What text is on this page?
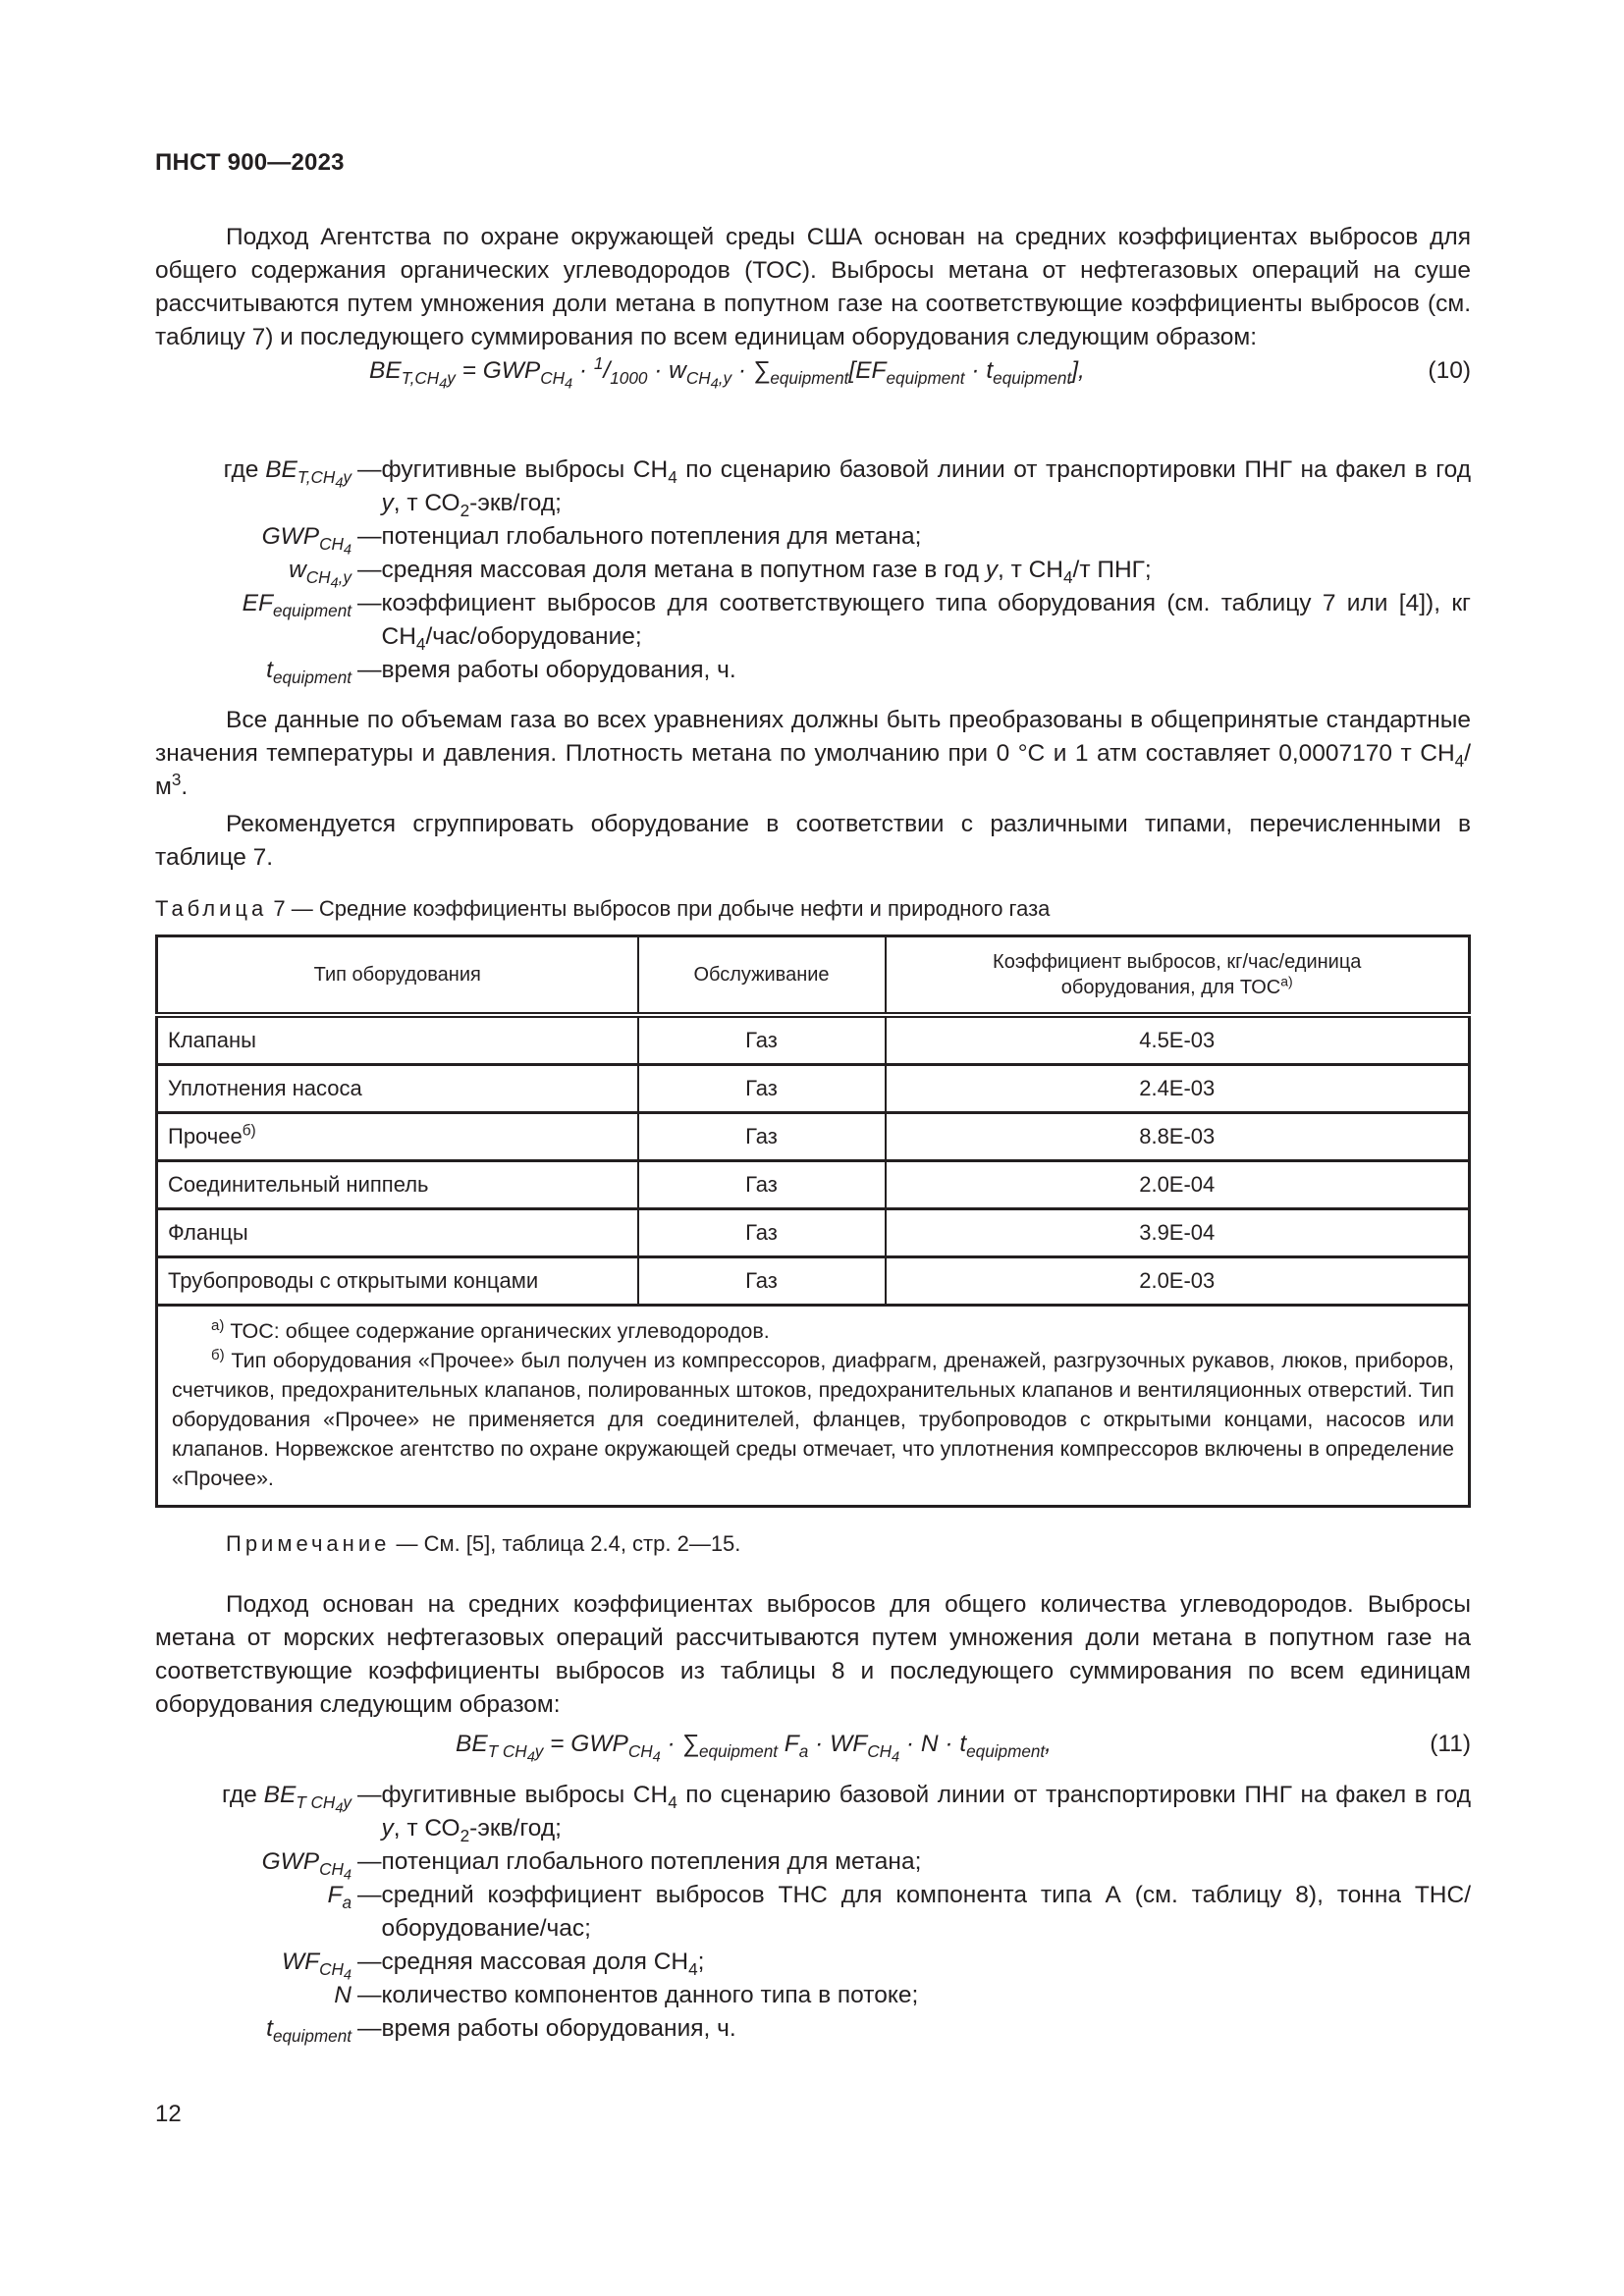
ПНСТ 900—2023

Подход Агентства по охране окружающей среды США основан на средних коэффициентах выбросов для общего содержания органических углеводородов (ТОС). Выбросы метана от нефтегазовых операций на суше рассчитываются путем умножения доли метана в попутном газе на соответствующие коэффициенты выбросов (см. таблицу 7) и последующего суммирования по всем единицам оборудования следующим образом:

$BE_{T,CH_4y} = GWP_{CH_4} \cdot ^1/_{1000} \cdot w_{CH_4,y} \cdot \sum_{equipment}[EF_{equipment} \cdot t_{equipment}]$,	(10)
где $BE_{T,CH_4y}$	—	фугитивные выбросы $СН_4$ по сценарию базовой линии от транспортировки ПНГ на факел в год y, т $СО_2-экв$/год;
$GWP_{CH_4}$	—	потенциал глобального потепления для метана;
$w_{CH_4,y}$	—	средняя массовая доля метана в попутном газе в год y, т $СН_4/т$ ПНГ;
$EF_{equipment}$	—	коэффициент выбросов для соответствующего типа оборудования (см. таблицу 7 или [4]), кг $СН_4/час$/оборудование;
$t_{equipment}$	—	время работы оборудования, ч.

Все данные по объемам газа во всех уравнениях должны быть преобразованы в общепринятые стандартные значения температуры и давления. Плотность метана по умолчанию при 0 °С и 1 атм составляет 0,0007170 т $СН_4/м^3$.

Рекомендуется сгруппировать оборудование в соответствии с различными типами, перечисленными в таблице 7.

Таблица 7 — Средние коэффициенты выбросов при добыче нефти и природного газа
Тип оборудования	Обслуживание	Коэффициент выбросов, кг/час/единица
оборудования, для $ТОС^{а)}$
Клапаны	Газ	4.5E-03
Уплотнения насоса	Газ	2.4E-03
Прочее$^{б)}$	Газ	8.8E-03
Соединительный ниппель	Газ	2.0E-04
Фланцы	Газ	3.9E-04
Трубопроводы с открытыми концами	Газ	2.0E-03

$^{а)}$ ТОС: общее содержание органических углеводородов.

$^{б)}$ Тип оборудования «Прочее» был получен из компрессоров, диафрагм, дренажей, разгрузочных рукавов, люков, приборов, счетчиков, предохранительных клапанов, полированных штоков, предохранительных клапанов и вентиляционных отверстий. Тип оборудования «Прочее» не применяется для соединителей, фланцев, трубопроводов с открытыми концами, насосов или клапанов. Норвежское агентство по охране окружающей среды отмечает, что уплотнения компрессоров включены в определение «Прочее».		

Примечание — См. [5], таблица 2.4, стр. 2—15.

Подход основан на средних коэффициентах выбросов для общего количества углеводородов. Выбросы метана от морских нефтегазовых операций рассчитываются путем умножения доли метана в попутном газе на соответствующие коэффициенты выбросов из таблицы 8 и последующего суммирования по всем единицам оборудования следующим образом:

$BE_{T CH_4y} = GWP_{CH_4} \cdot \sum_{equipment}$ $F_a \cdot WF_{CH_4} \cdot N \cdot t_{equipment}$,	(11)
где $BE_{T CH_4y}$	—	фугитивные выбросы $СН_4$ по сценарию базовой линии от транспортировки ПНГ на факел в год y, т $СО_2-экв$/год;
$GWP_{CH_4}$	—	потенциал глобального потепления для метана;
$F_a$	—	средний коэффициент выбросов ТНС для компонента типа А (см. таблицу 8), тонна ТНС/оборудование/час;
$WF_{CH_4}$	—	средняя массовая доля $СН_4$;
N	—	количество компонентов данного типа в потоке;
$t_{equipment}$	—	время работы оборудования, ч.
12
